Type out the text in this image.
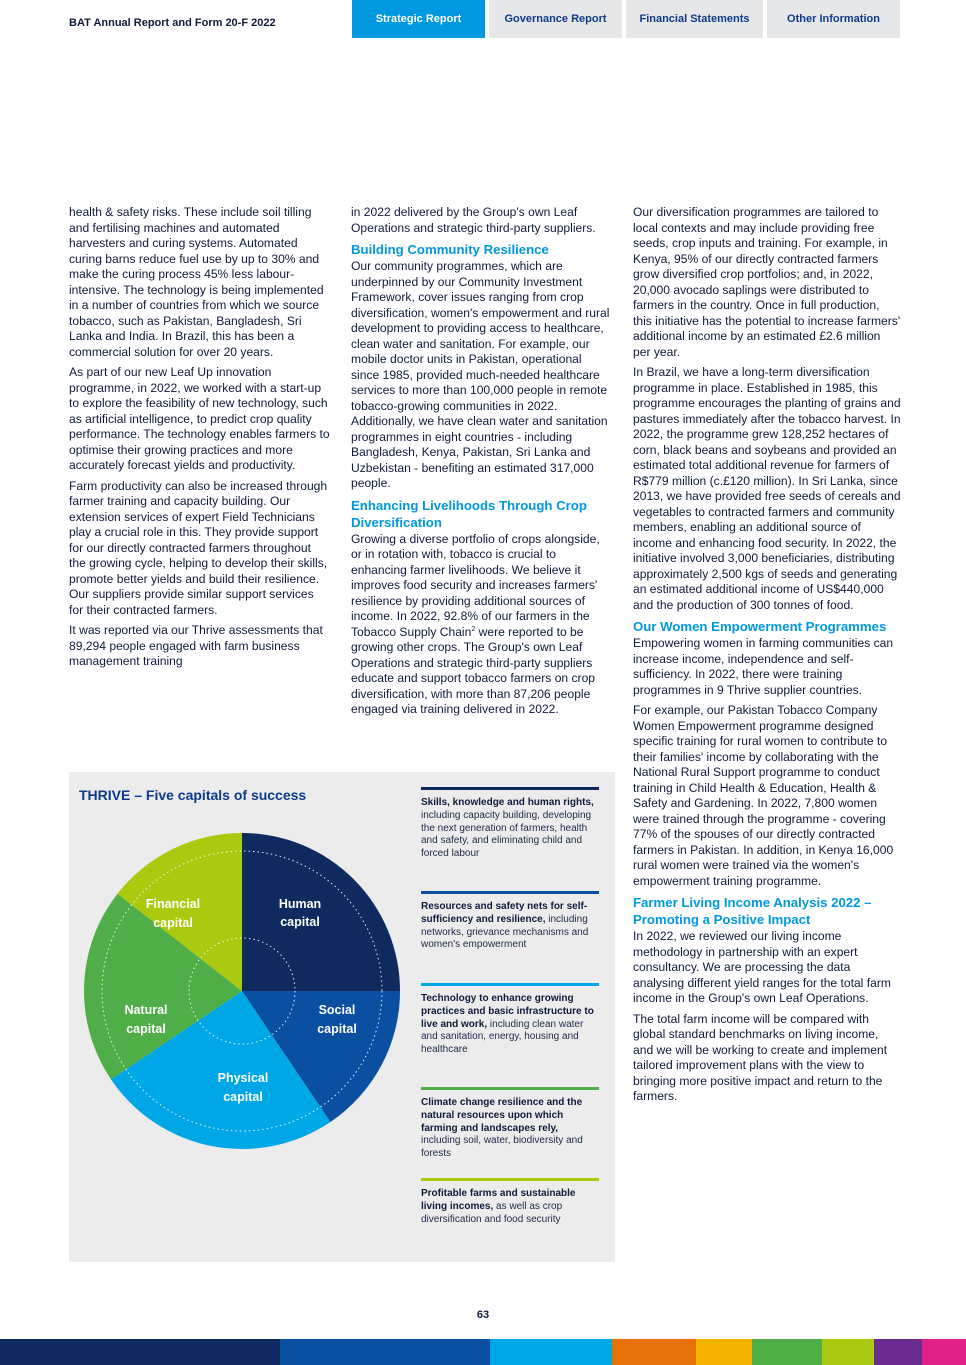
BAT Annual Report and Form 20-F 2022	Strategic Report	Governance Report	Financial Statements	Other Information

health & safety risks. These include soil tilling and fertilising machines and automated harvesters and curing systems. Automated curing barns reduce fuel use by up to 30% and make the curing process 45% less labour-intensive. The technology is being implemented in a number of countries from which we source tobacco, such as Pakistan, Bangladesh, Sri Lanka and India. In Brazil, this has been a commercial solution for over 20 years.

As part of our new Leaf Up innovation programme, in 2022, we worked with a start-up to explore the feasibility of new technology, such as artificial intelligence, to predict crop quality performance. The technology enables farmers to optimise their growing practices and more accurately forecast yields and productivity.

Farm productivity can also be increased through farmer training and capacity building. Our extension services of expert Field Technicians play a crucial role in this. They provide support for our directly contracted farmers throughout the growing cycle, helping to develop their skills, promote better yields and build their resilience. Our suppliers provide similar support services for their contracted farmers.

It was reported via our Thrive assessments that 89,294 people engaged with farm business management training

in 2022 delivered by the Group's own Leaf Operations and strategic third-party suppliers.

Building Community Resilience

Our community programmes, which are underpinned by our Community Investment Framework, cover issues ranging from crop diversification, women's empowerment and rural development to providing access to healthcare, clean water and sanitation. For example, our mobile doctor units in Pakistan, operational since 1985, provided much-needed healthcare services to more than 100,000 people in remote tobacco-growing communities in 2022. Additionally, we have clean water and sanitation programmes in eight countries - including Bangladesh, Kenya, Pakistan, Sri Lanka and Uzbekistan - benefiting an estimated 317,000 people.

Enhancing Livelihoods Through Crop Diversification

Growing a diverse portfolio of crops alongside, or in rotation with, tobacco is crucial to enhancing farmer livelihoods. We believe it improves food security and increases farmers' resilience by providing additional sources of income. In 2022, 92.8% of our farmers in the Tobacco Supply Chain$^2$ were reported to be growing other crops. The Group's own Leaf Operations and strategic third-party suppliers educate and support tobacco farmers on crop diversification, with more than 87,206 people engaged via training delivered in 2022.

Our diversification programmes are tailored to local contexts and may include providing free seeds, crop inputs and training. For example, in Kenya, 95% of our directly contracted farmers grow diversified crop portfolios; and, in 2022, 20,000 avocado saplings were distributed to farmers in the country. Once in full production, this initiative has the potential to increase farmers' additional income by an estimated £2.6 million per year.

In Brazil, we have a long-term diversification programme in place. Established in 1985, this programme encourages the planting of grains and pastures immediately after the tobacco harvest. In 2022, the programme grew 128,252 hectares of corn, black beans and soybeans and provided an estimated total additional revenue for farmers of R$779 million (c.£120 million). In Sri Lanka, since 2013, we have provided free seeds of cereals and vegetables to contracted farmers and community members, enabling an additional source of income and enhancing food security. In 2022, the initiative involved 3,000 beneficiaries, distributing approximately 2,500 kgs of seeds and generating an estimated additional income of US$440,000 and the production of 300 tonnes of food.

Our Women Empowerment Programmes

Empowering women in farming communities can increase income, independence and self-sufficiency. In 2022, there were training programmes in 9 Thrive supplier countries.

For example, our Pakistan Tobacco Company Women Empowerment programme designed specific training for rural women to contribute to their families' income by collaborating with the National Rural Support programme to conduct training in Child Health & Education, Health & Safety and Gardening. In 2022, 7,800 women were trained through the programme - covering 77% of the spouses of our directly contracted farmers in Pakistan. In addition, in Kenya 16,000 rural women were trained via the women's empowerment training programme.

Farmer Living Income Analysis 2022 – Promoting a Positive Impact

In 2022, we reviewed our living income methodology in partnership with an expert consultancy. We are processing the data analysing different yield ranges for the total farm income in the Group's own Leaf Operations.

The total farm income will be compared with global standard benchmarks on living income, and we will be working to create and implement tailored improvement plans with the view to bringing more positive impact and return to the farmers.

THRIVE – Five capitals of success
Human
capital
Social
capital
Physical
capital
Natural
capital
Financial
capital
Skills, knowledge and human rights, including capacity building, developing the next generation of farmers, health and safety, and eliminating child and forced labour
Resources and safety nets for self-sufficiency and resilience, including networks, grievance mechanisms and women's empowerment
Technology to enhance growing practices and basic infrastructure to live and work, including clean water and sanitation, energy, housing and healthcare
Climate change resilience and the natural resources upon which farming and landscapes rely, including soil, water, biodiversity and forests
Profitable farms and sustainable living incomes, as well as crop diversification and food security
63
